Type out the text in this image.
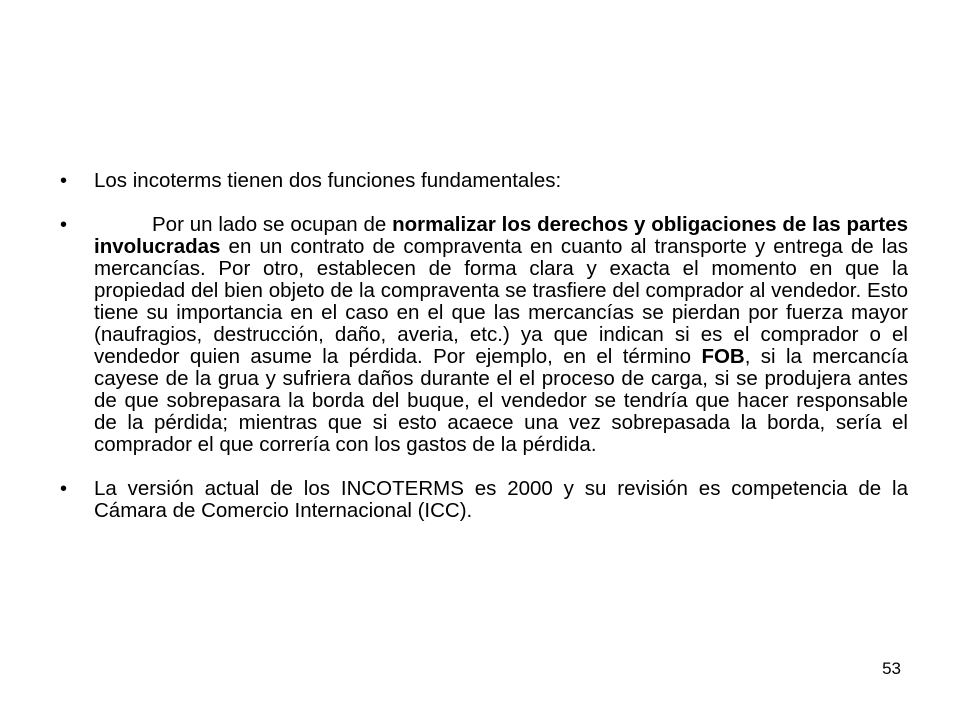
• Los incoterms tienen dos funciones fundamentales:
•	Por un lado se ocupan de normalizar los derechos y obligaciones de las partes involucradas en un contrato de compraventa en cuanto al transporte y entrega de las mercancías. Por otro, establecen de forma clara y exacta el momento en que la propiedad del bien objeto de la compraventa se trasfiere del comprador al vendedor. Esto tiene su importancia en el caso en el que las mercancías se pierdan por fuerza mayor (naufragios, destrucción, daño, averia, etc.) ya que indican si es el comprador o el vendedor quien asume la pérdida. Por ejemplo, en el término FOB, si la mercancía cayese de la grua y sufriera daños durante el el proceso de carga, si se produjera antes de que sobrepasara la borda del buque, el vendedor se tendría que hacer responsable de la pérdida; mientras que si esto acaece una vez sobrepasada la borda, sería el comprador el que correría con los gastos de la pérdida.
• La versión actual de los INCOTERMS es 2000 y su revisión es competencia de la Cámara de Comercio Internacional (ICC).
53
